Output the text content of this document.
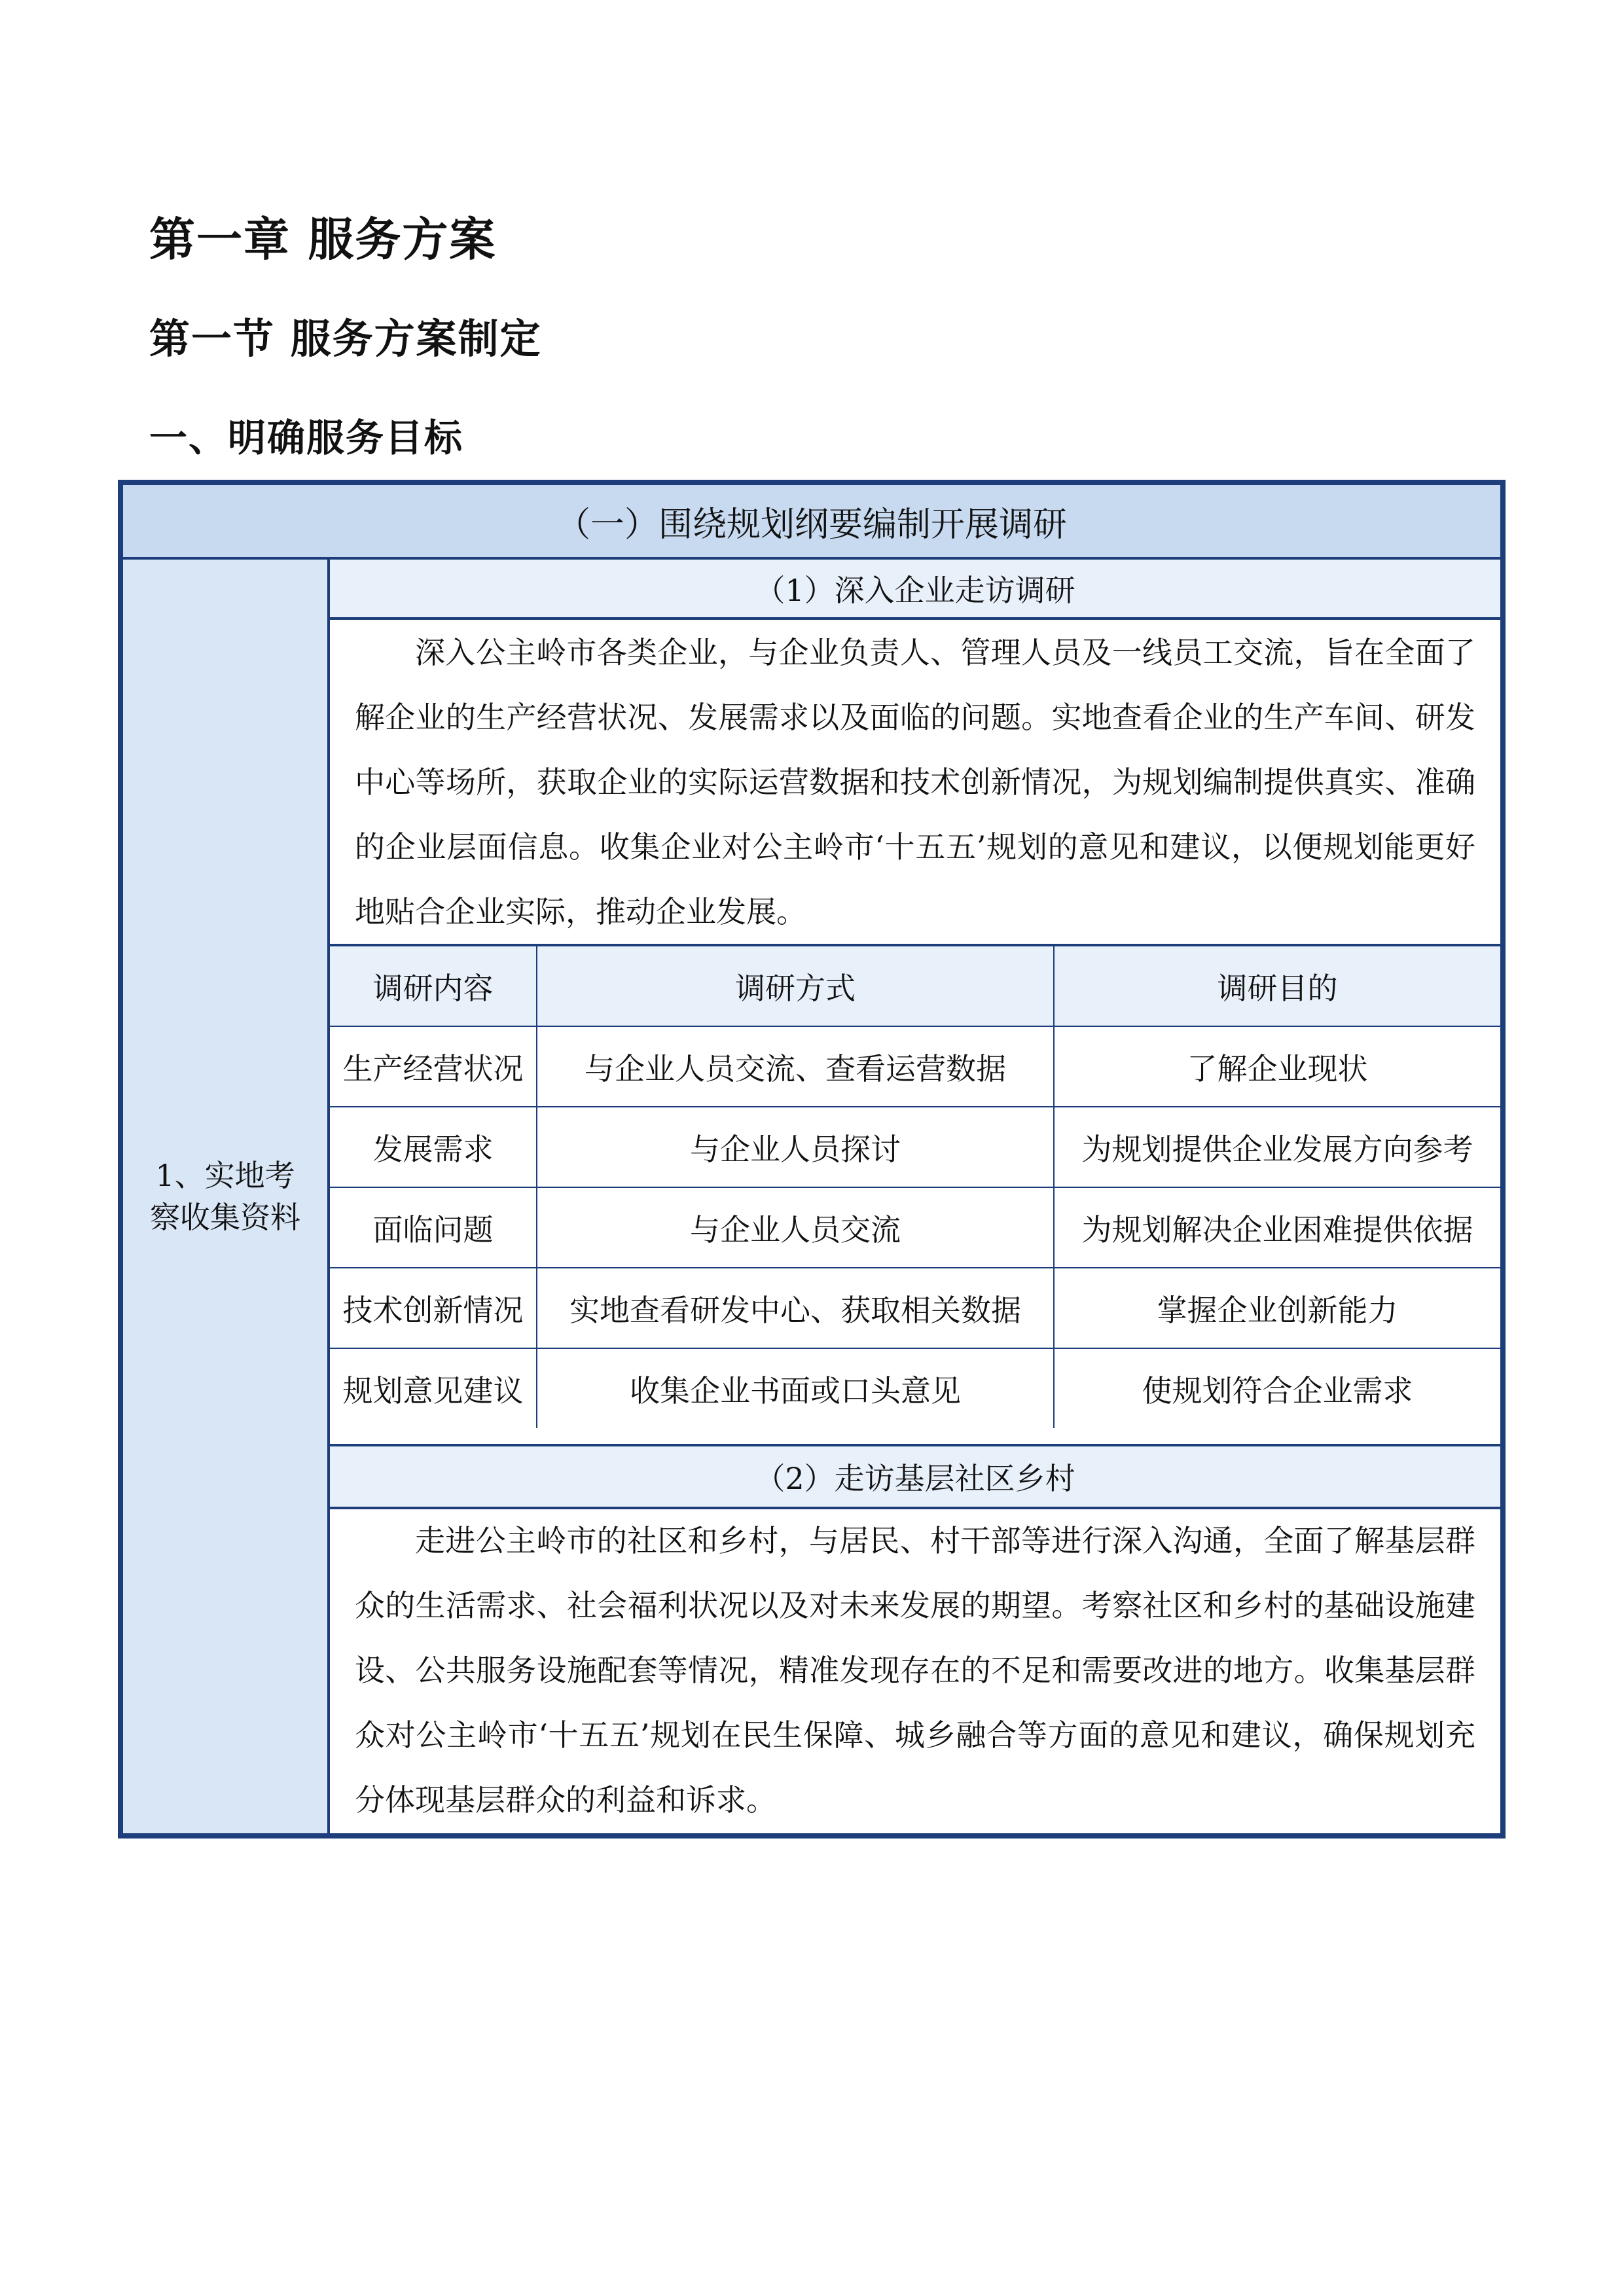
第一章 服务方案
第一节 服务方案制定
一、明确服务目标
（一）围绕规划纲要编制开展调研
1、实地考察收集资料
（1）深入企业走访调研
深入公主岭市各类企业，与企业负责人、管理人员及一线员工交流，旨在全面了解企业的生产经营状况、发展需求以及面临的问题。实地查看企业的生产车间、研发中心等场所，获取企业的实际运营数据和技术创新情况，为规划编制提供真实、准确的企业层面信息。收集企业对公主岭市‘十五五’规划的意见和建议，以便规划能更好地贴合企业实际，推动企业发展。
调研内容	调研方式	调研目的
生产经营状况	与企业人员交流、查看运营数据	了解企业现状
发展需求	与企业人员探讨	为规划提供企业发展方向参考
面临问题	与企业人员交流	为规划解决企业困难提供依据
技术创新情况	实地查看研发中心、获取相关数据	掌握企业创新能力
规划意见建议	收集企业书面或口头意见	使规划符合企业需求
（2）走访基层社区乡村
走进公主岭市的社区和乡村，与居民、村干部等进行深入沟通，全面了解基层群众的生活需求、社会福利状况以及对未来发展的期望。考察社区和乡村的基础设施建设、公共服务设施配套等情况，精准发现存在的不足和需要改进的地方。收集基层群众对公主岭市‘十五五’规划在民生保障、城乡融合等方面的意见和建议，确保规划充分体现基层群众的利益和诉求。
